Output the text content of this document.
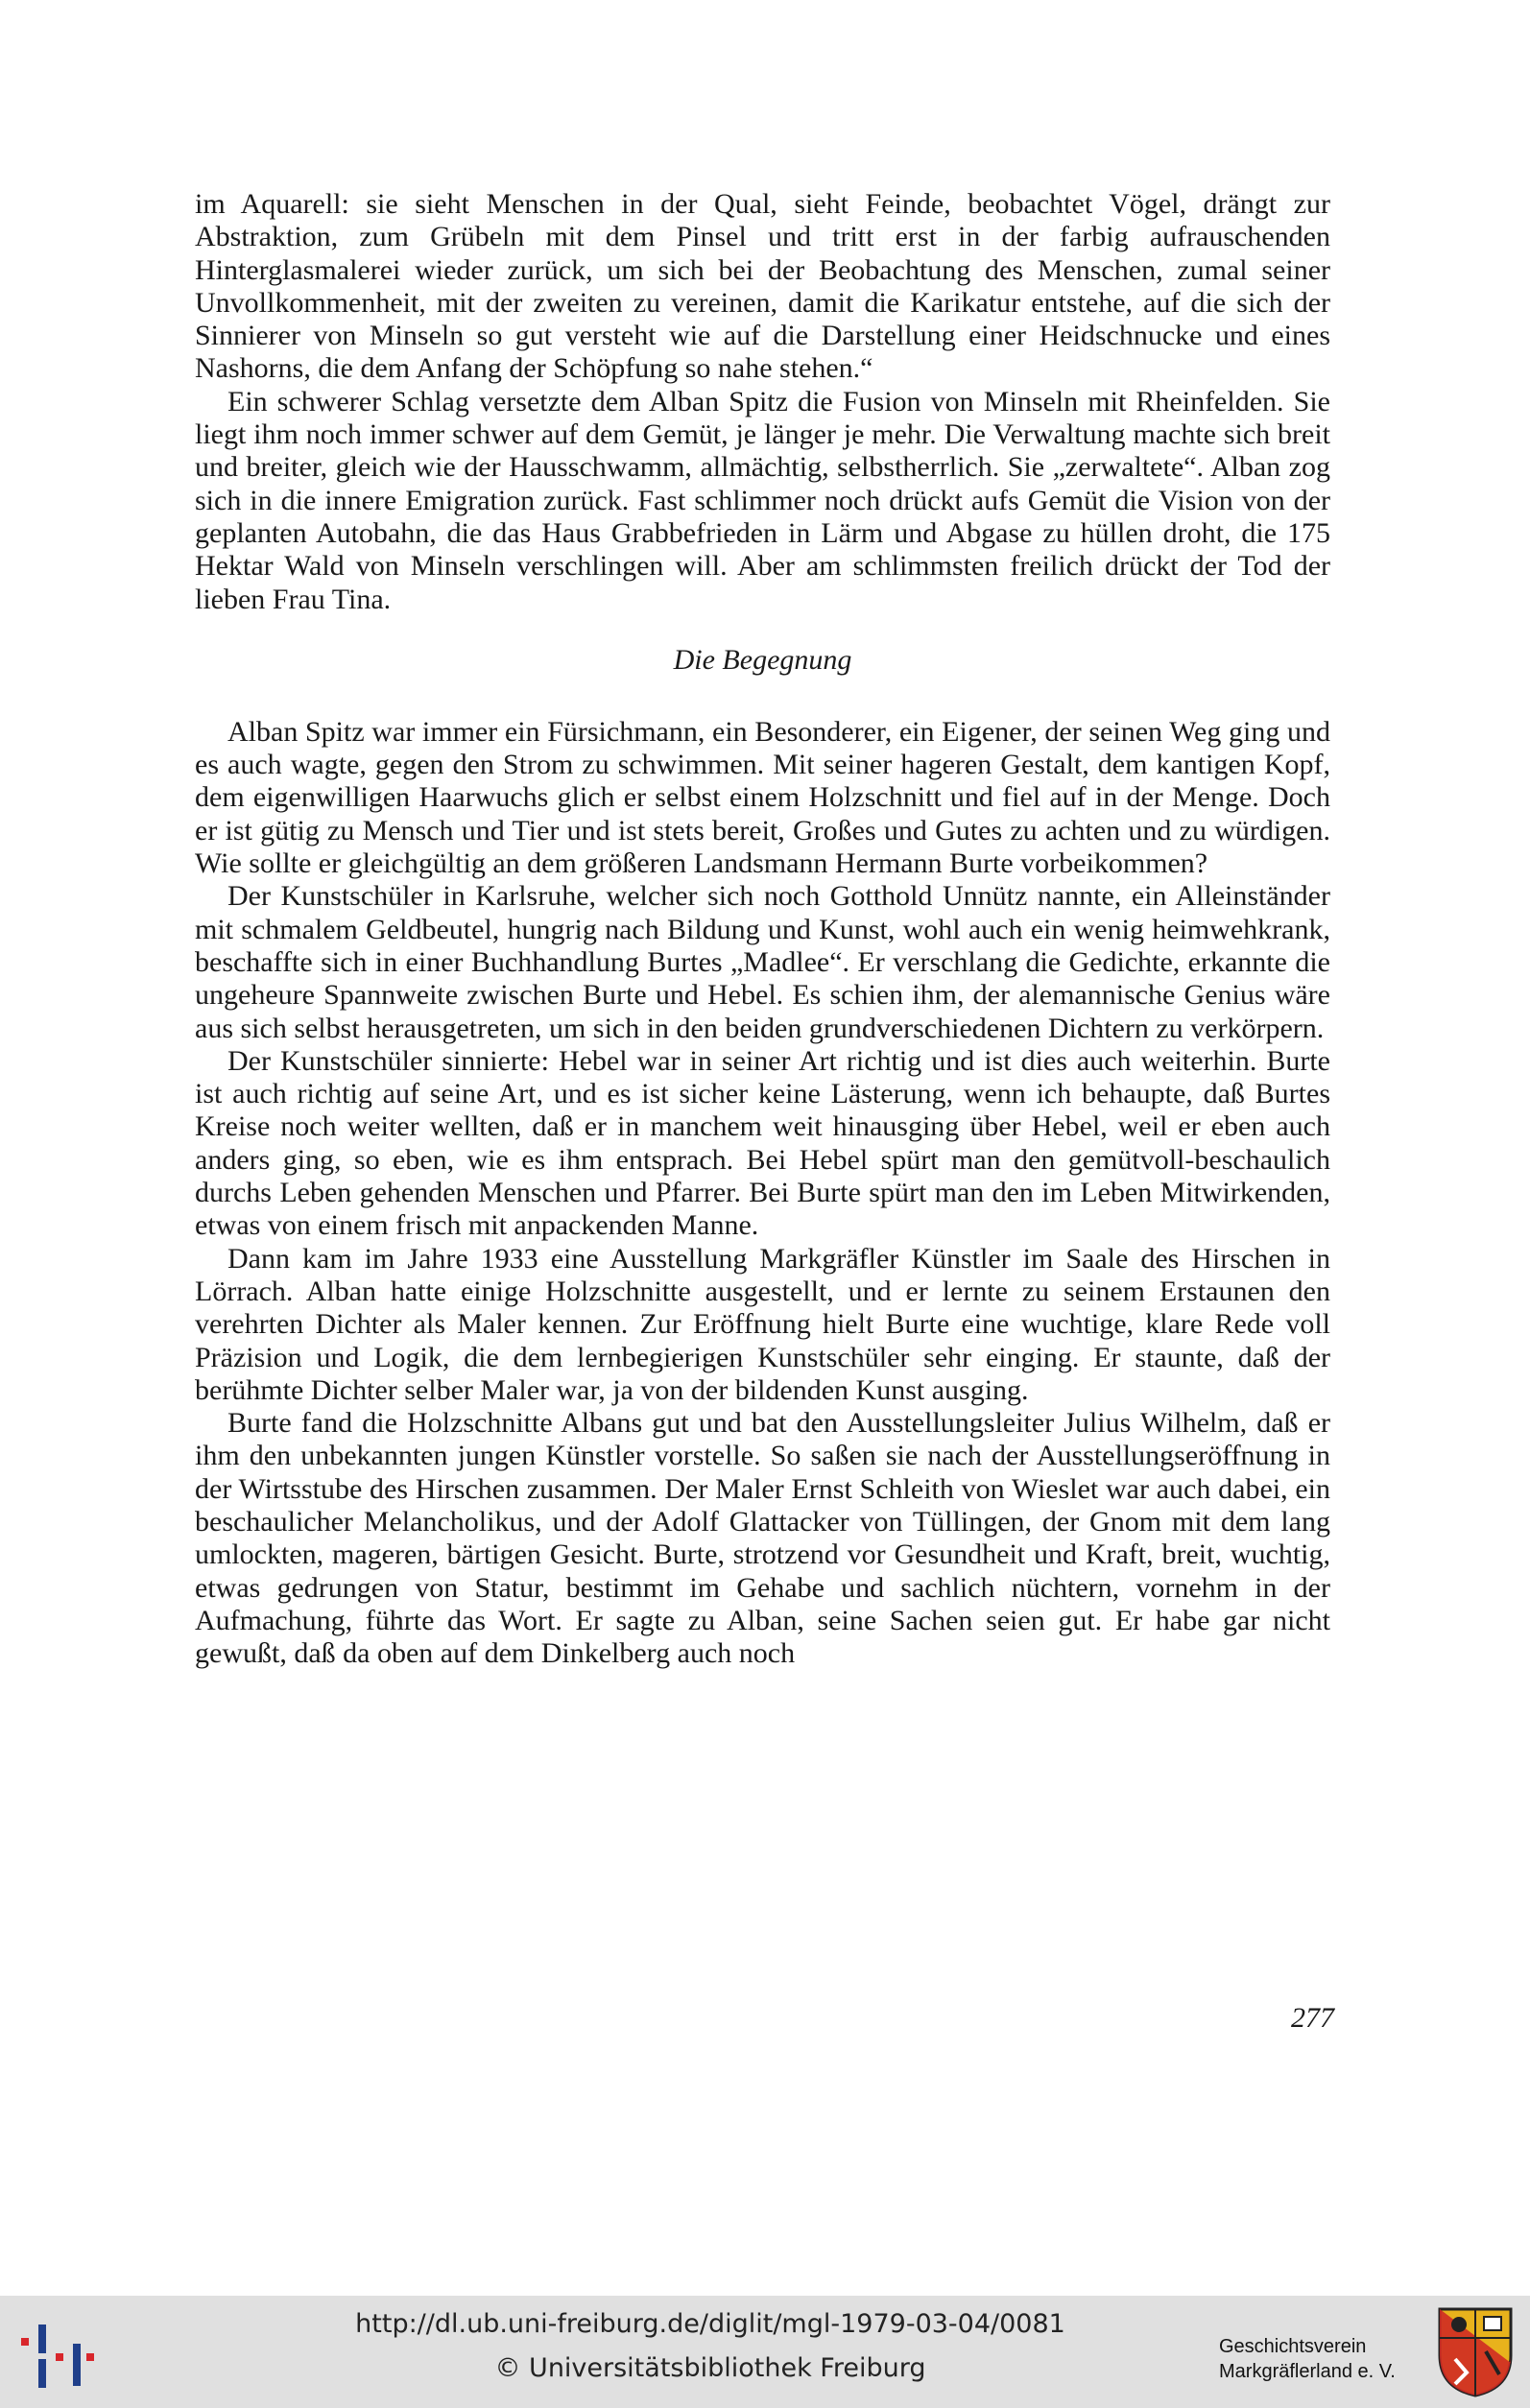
im Aquarell: sie sieht Menschen in der Qual, sieht Feinde, beobachtet Vögel, drängt zur Abstraktion, zum Grübeln mit dem Pinsel und tritt erst in der farbig aufrauschenden Hinterglasmalerei wieder zurück, um sich bei der Beobachtung des Menschen, zumal seiner Unvollkommenheit, mit der zweiten zu vereinen, damit die Karikatur entstehe, auf die sich der Sinnierer von Minseln so gut versteht wie auf die Darstellung einer Heidschnucke und eines Nashorns, die dem Anfang der Schöpfung so nahe stehen.“

Ein schwerer Schlag versetzte dem Alban Spitz die Fusion von Minseln mit Rheinfelden. Sie liegt ihm noch immer schwer auf dem Gemüt, je länger je mehr. Die Verwaltung machte sich breit und breiter, gleich wie der Hausschwamm, allmächtig, selbstherrlich. Sie „zerwaltete“. Alban zog sich in die innere Emigration zurück. Fast schlimmer noch drückt aufs Gemüt die Vision von der geplanten Autobahn, die das Haus Grabbefrieden in Lärm und Abgase zu hüllen droht, die 175 Hektar Wald von Minseln verschlingen will. Aber am schlimmsten freilich drückt der Tod der lieben Frau Tina.

Die Begegnung

Alban Spitz war immer ein Fürsichmann, ein Besonderer, ein Eigener, der seinen Weg ging und es auch wagte, gegen den Strom zu schwimmen. Mit seiner hageren Gestalt, dem kantigen Kopf, dem eigenwilligen Haarwuchs glich er selbst einem Holzschnitt und fiel auf in der Menge. Doch er ist gütig zu Mensch und Tier und ist stets bereit, Großes und Gutes zu achten und zu würdigen. Wie sollte er gleichgültig an dem größeren Landsmann Hermann Burte vorbeikommen?

Der Kunstschüler in Karlsruhe, welcher sich noch Gotthold Unnütz nannte, ein Alleinständer mit schmalem Geldbeutel, hungrig nach Bildung und Kunst, wohl auch ein wenig heimwehkrank, beschaffte sich in einer Buchhandlung Burtes „Madlee“. Er verschlang die Gedichte, erkannte die ungeheure Spannweite zwischen Burte und Hebel. Es schien ihm, der alemannische Genius wäre aus sich selbst herausgetreten, um sich in den beiden grundverschiedenen Dichtern zu verkörpern.

Der Kunstschüler sinnierte: Hebel war in seiner Art richtig und ist dies auch weiterhin. Burte ist auch richtig auf seine Art, und es ist sicher keine Lästerung, wenn ich behaupte, daß Burtes Kreise noch weiter wellten, daß er in manchem weit hinausging über Hebel, weil er eben auch anders ging, so eben, wie es ihm entsprach. Bei Hebel spürt man den gemütvoll-beschaulich durchs Leben gehenden Menschen und Pfarrer. Bei Burte spürt man den im Leben Mitwirkenden, etwas von einem frisch mit anpackenden Manne.

Dann kam im Jahre 1933 eine Ausstellung Markgräfler Künstler im Saale des Hirschen in Lörrach. Alban hatte einige Holzschnitte ausgestellt, und er lernte zu seinem Erstaunen den verehrten Dichter als Maler kennen. Zur Eröffnung hielt Burte eine wuchtige, klare Rede voll Präzision und Logik, die dem lernbegierigen Kunstschüler sehr einging. Er staunte, daß der berühmte Dichter selber Maler war, ja von der bildenden Kunst ausging.

Burte fand die Holzschnitte Albans gut und bat den Ausstellungsleiter Julius Wilhelm, daß er ihm den unbekannten jungen Künstler vorstelle. So saßen sie nach der Ausstellungseröffnung in der Wirtsstube des Hirschen zusammen. Der Maler Ernst Schleith von Wieslet war auch dabei, ein beschaulicher Melancholikus, und der Adolf Glattacker von Tüllingen, der Gnom mit dem lang umlockten, mageren, bärtigen Gesicht. Burte, strotzend vor Gesundheit und Kraft, breit, wuchtig, etwas gedrungen von Statur, bestimmt im Gehabe und sachlich nüchtern, vornehm in der Aufmachung, führte das Wort. Er sagte zu Alban, seine Sachen seien gut. Er habe gar nicht gewußt, daß da oben auf dem Dinkelberg auch noch

277
http://dl.ub.uni-freiburg.de/diglit/mgl-1979-03-04/0081
© Universitätsbibliothek Freiburg
Geschichtsverein
Markgräflerland e. V.
